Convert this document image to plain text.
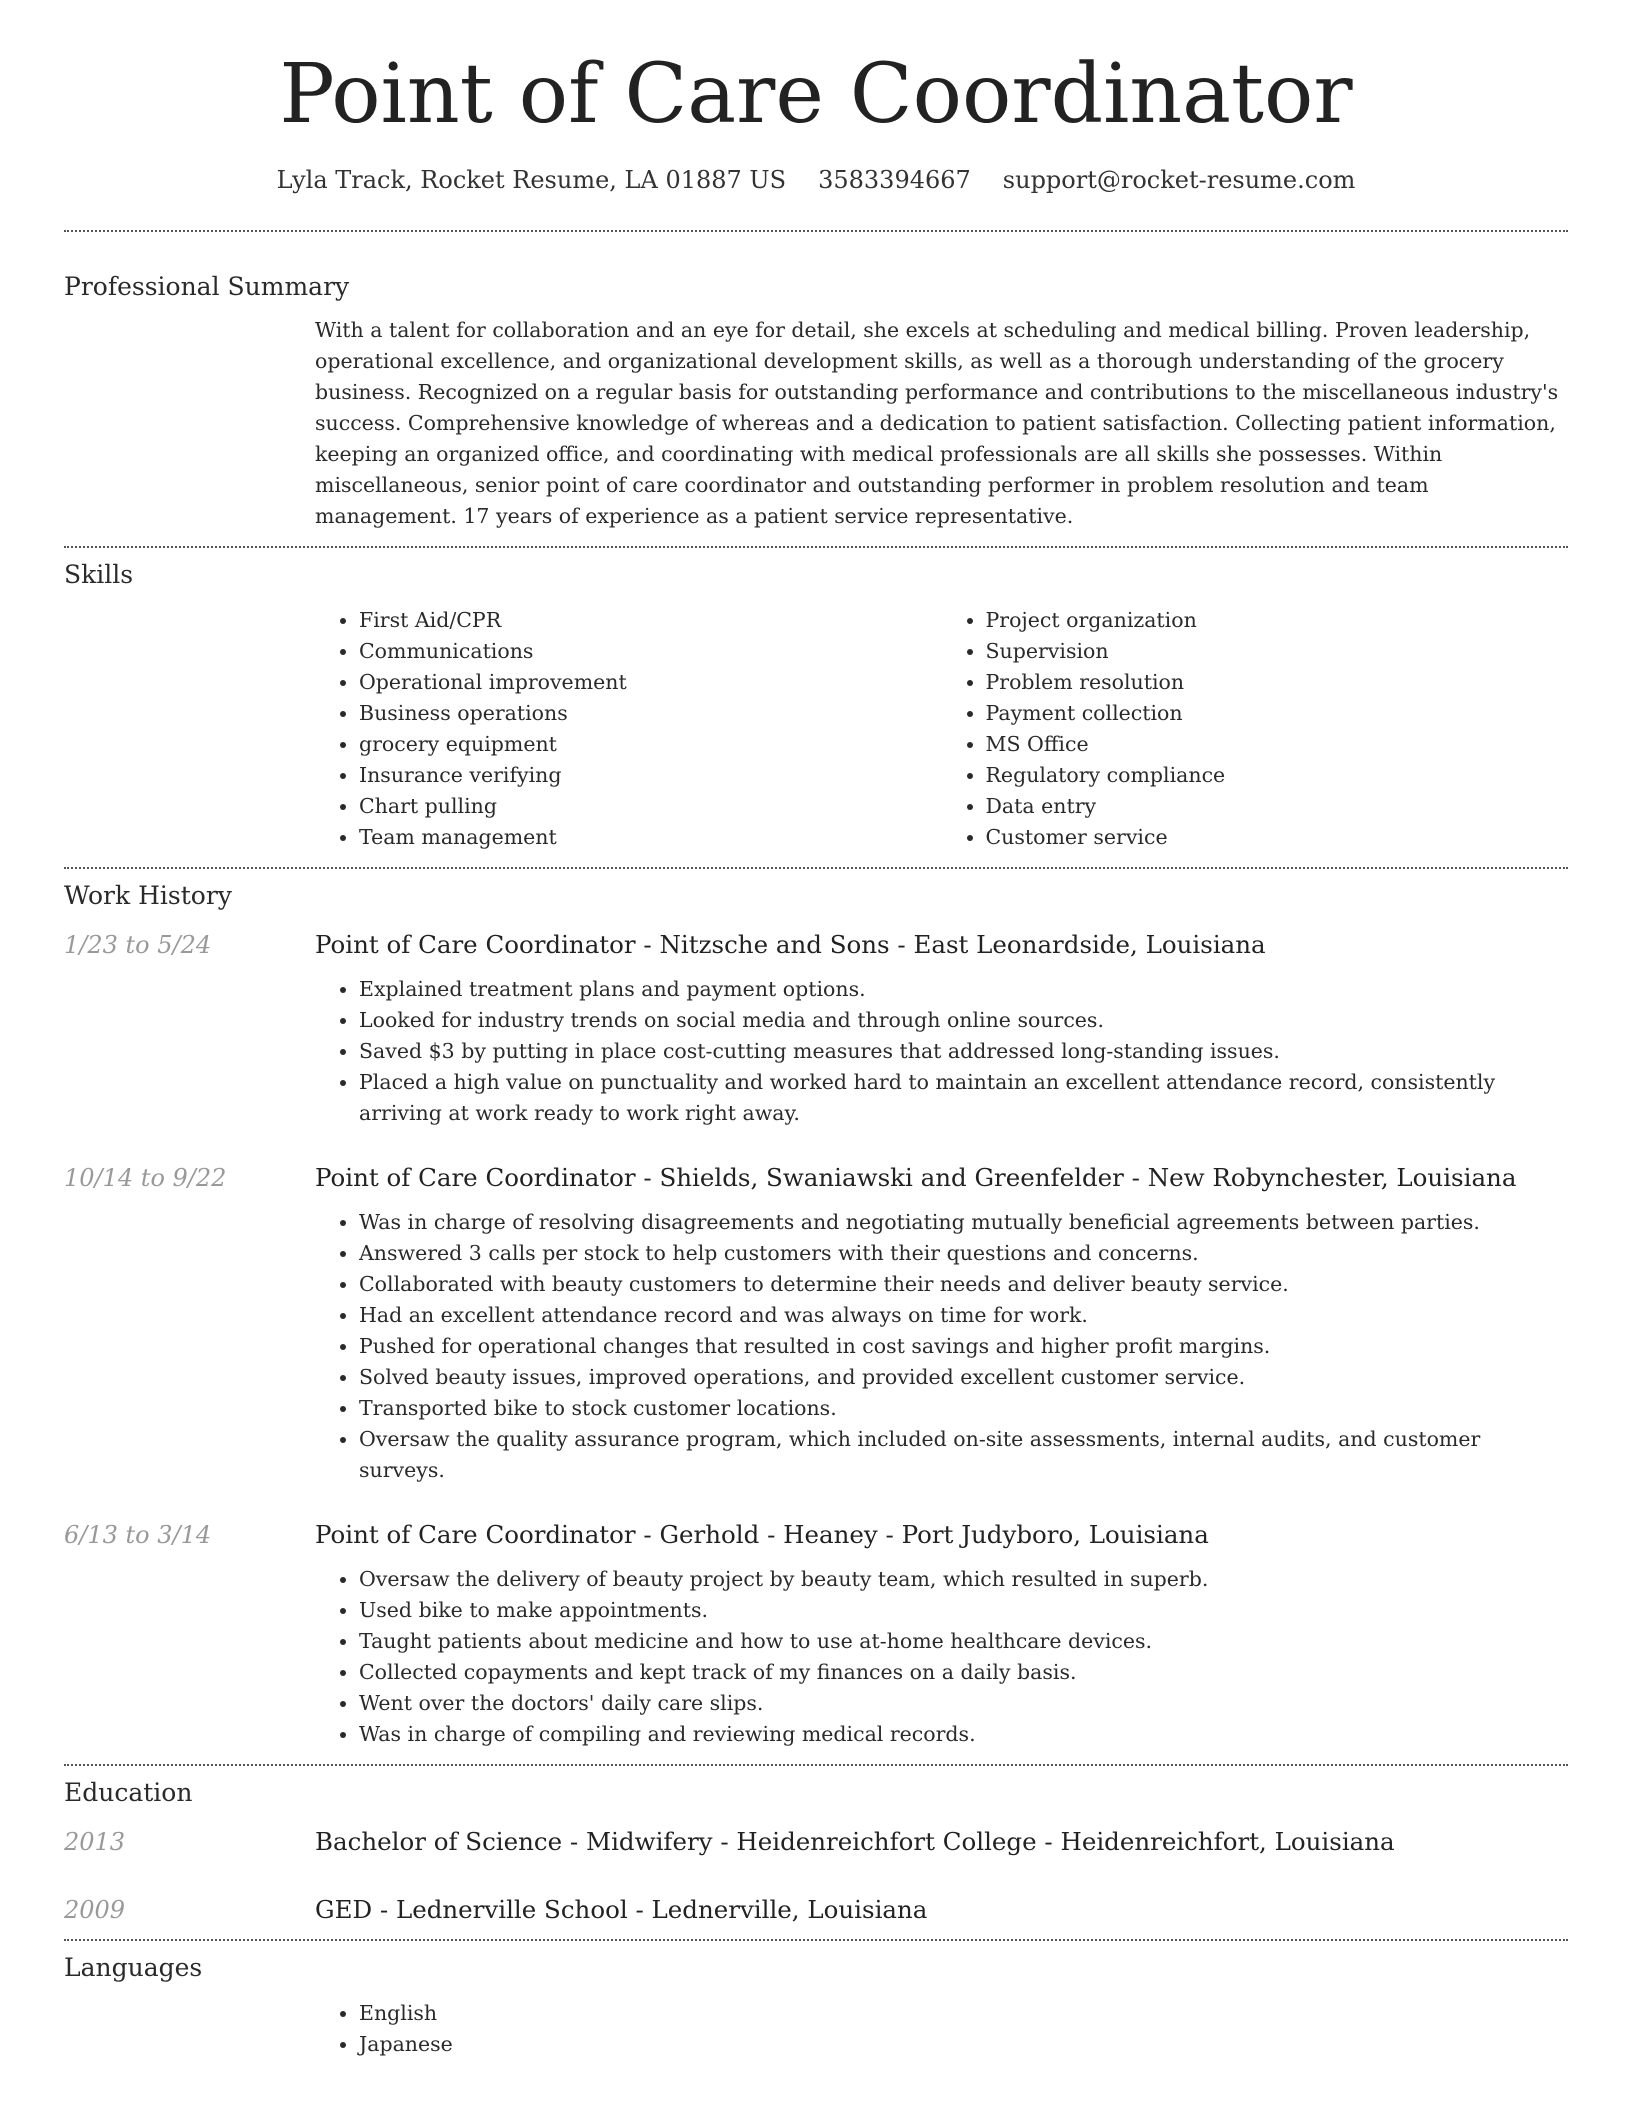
Point of Care Coordinator
Lyla Track, Rocket Resume, LA 01887 US 3583394667 support@rocket-resume.com
Professional Summary

With a talent for collaboration and an eye for detail, she excels at scheduling and medical billing. Proven leadership, operational excellence, and organizational development skills, as well as a thorough understanding of the grocery business. Recognized on a regular basis for outstanding performance and contributions to the miscellaneous industry's success. Comprehensive knowledge of whereas and a dedication to patient satisfaction. Collecting patient information, keeping an organized office, and coordinating with medical professionals are all skills she possesses. Within miscellaneous, senior point of care coordinator and outstanding performer in problem resolution and team management. 17 years of experience as a patient service representative.

Skills
• First Aid/CPR
• Communications
• Operational improvement
• Business operations
• grocery equipment
• Insurance verifying
• Chart pulling
• Team management
• Project organization
• Supervision
• Problem resolution
• Payment collection
• MS Office
• Regulatory compliance
• Data entry
• Customer service
Work History
1/23 to 5/24	Point of Care Coordinator - Nitzsche and Sons - East Leonardside, Louisiana
• Explained treatment plans and payment options.
• Looked for industry trends on social media and through online sources.
• Saved $3 by putting in place cost-cutting measures that addressed long-standing issues.
• Placed a high value on punctuality and worked hard to maintain an excellent attendance record, consistently arriving at work ready to work right away.
10/14 to 9/22	Point of Care Coordinator - Shields, Swaniawski and Greenfelder - New Robynchester, Louisiana
• Was in charge of resolving disagreements and negotiating mutually beneficial agreements between parties.
• Answered 3 calls per stock to help customers with their questions and concerns.
• Collaborated with beauty customers to determine their needs and deliver beauty service.
• Had an excellent attendance record and was always on time for work.
• Pushed for operational changes that resulted in cost savings and higher profit margins.
• Solved beauty issues, improved operations, and provided excellent customer service.
• Transported bike to stock customer locations.
• Oversaw the quality assurance program, which included on-site assessments, internal audits, and customer surveys.
6/13 to 3/14	Point of Care Coordinator - Gerhold - Heaney - Port Judyboro, Louisiana
• Oversaw the delivery of beauty project by beauty team, which resulted in superb.
• Used bike to make appointments.
• Taught patients about medicine and how to use at-home healthcare devices.
• Collected copayments and kept track of my finances on a daily basis.
• Went over the doctors' daily care slips.
• Was in charge of compiling and reviewing medical records.
Education
2013	Bachelor of Science - Midwifery - Heidenreichfort College - Heidenreichfort, Louisiana
2009	GED - Lednerville School - Lednerville, Louisiana
Languages
• English
• Japanese
